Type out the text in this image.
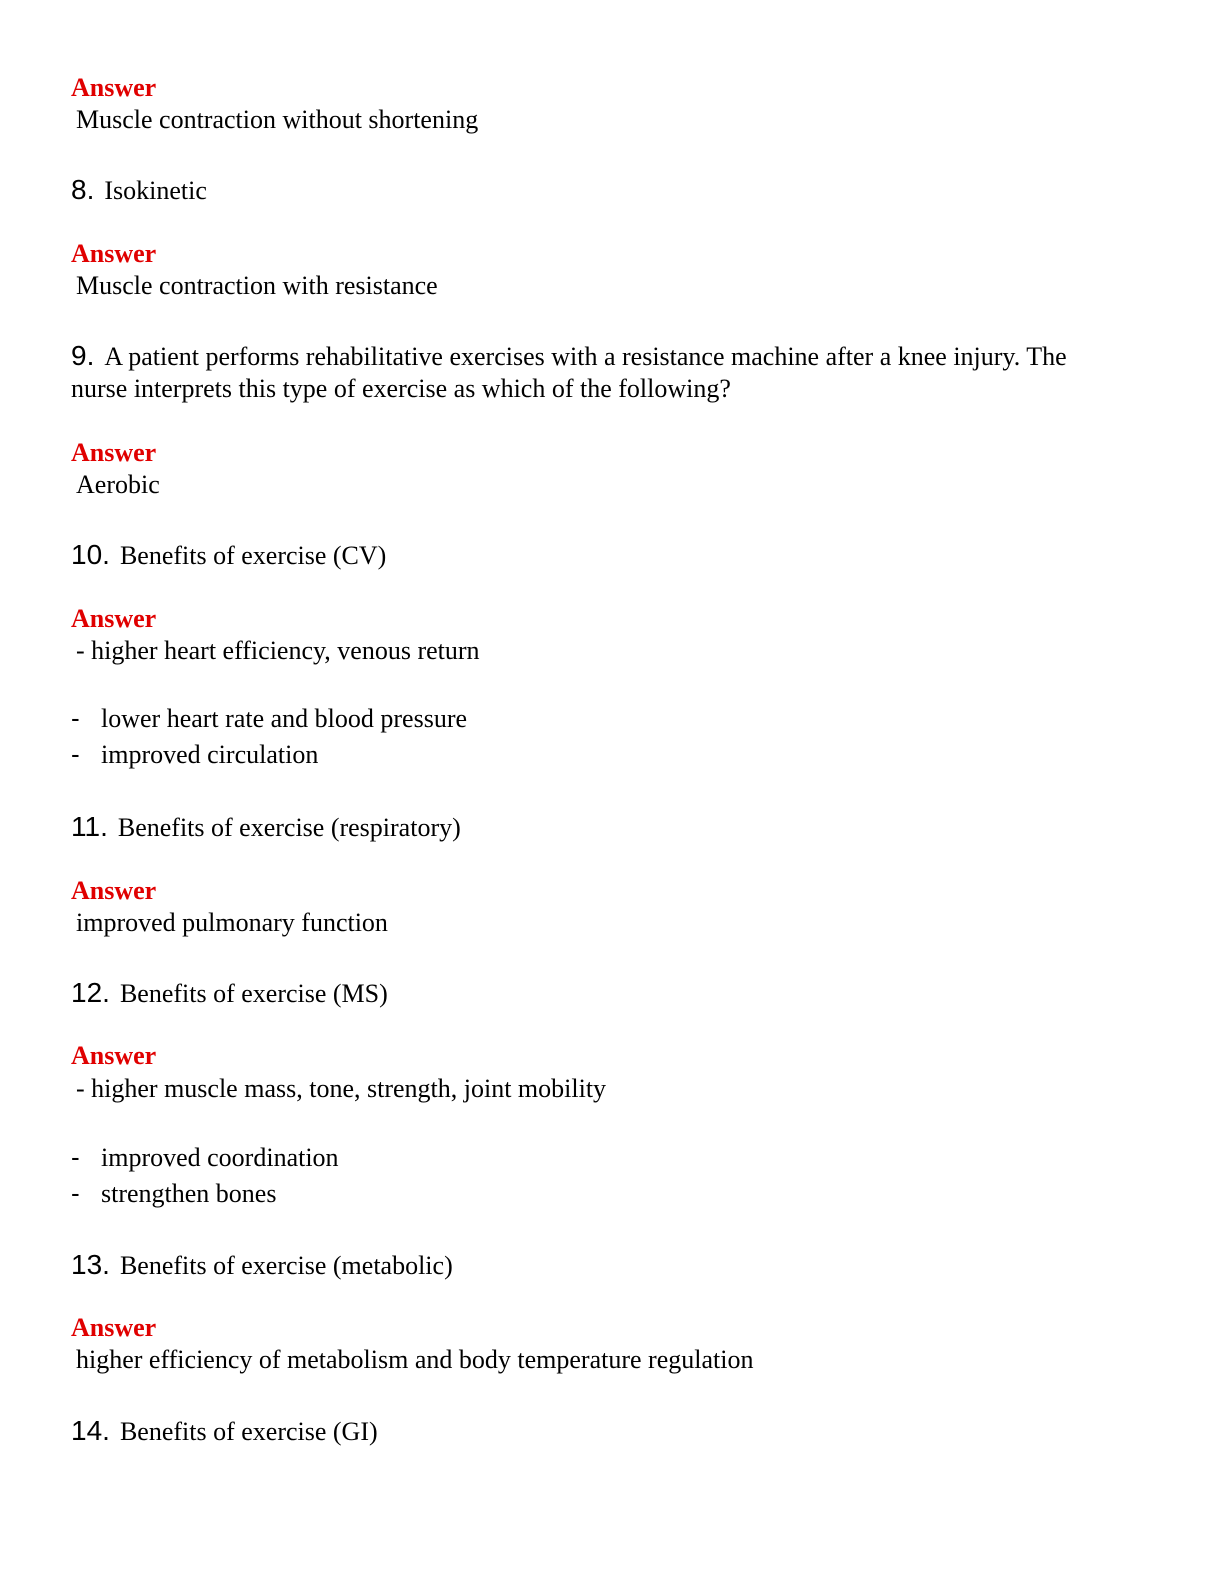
Answer
Muscle contraction without shortening
8. Isokinetic
Answer
Muscle contraction with resistance
9. A patient performs rehabilitative exercises with a resistance machine after a knee injury. The
nurse interprets this type of exercise as which of the following?
Answer
Aerobic
10. Benefits of exercise (CV)
Answer
- higher heart efficiency, venous return
- lower heart rate and blood pressure
- improved circulation
11. Benefits of exercise (respiratory)
Answer
improved pulmonary function
12. Benefits of exercise (MS)
Answer
- higher muscle mass, tone, strength, joint mobility
- improved coordination
- strengthen bones
13. Benefits of exercise (metabolic)
Answer
higher efficiency of metabolism and body temperature regulation
14. Benefits of exercise (GI)
